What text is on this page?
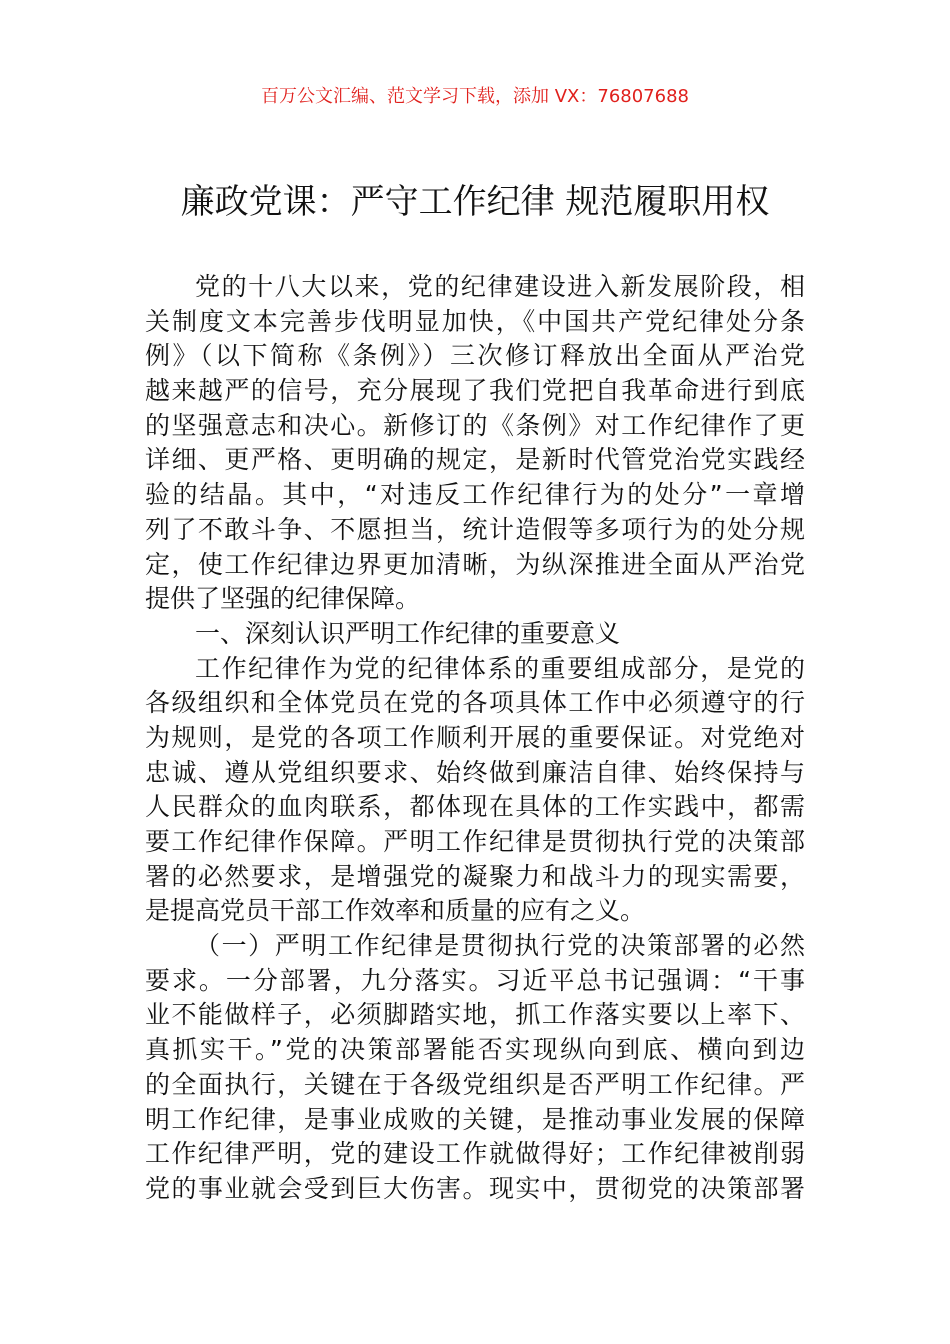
百万公文汇编、范文学习下载，添加 VX：76807688
廉政党课：严守工作纪律 规范履职用权
党的十八大以来，党的纪律建设进入新发展阶段，相
关制度文本完善步伐明显加快，《中国共产党纪律处分条
例》（以下简称《条例》）三次修订释放出全面从严治党
越来越严的信号，充分展现了我们党把自我革命进行到底
的坚强意志和决心。新修订的《条例》对工作纪律作了更
详细、更严格、更明确的规定，是新时代管党治党实践经
验的结晶。其中，“对违反工作纪律行为的处分”一章增
列了不敢斗争、不愿担当，统计造假等多项行为的处分规
定，使工作纪律边界更加清晰，为纵深推进全面从严治党
提供了坚强的纪律保障。
一、深刻认识严明工作纪律的重要意义
工作纪律作为党的纪律体系的重要组成部分，是党的
各级组织和全体党员在党的各项具体工作中必须遵守的行
为规则，是党的各项工作顺利开展的重要保证。对党绝对
忠诚、遵从党组织要求、始终做到廉洁自律、始终保持与
人民群众的血肉联系，都体现在具体的工作实践中，都需
要工作纪律作保障。严明工作纪律是贯彻执行党的决策部
署的必然要求，是增强党的凝聚力和战斗力的现实需要，
是提高党员干部工作效率和质量的应有之义。
（一）严明工作纪律是贯彻执行党的决策部署的必然
要求。一分部署，九分落实。习近平总书记强调：“干事
业不能做样子，必须脚踏实地，抓工作落实要以上率下、
真抓实干。”党的决策部署能否实现纵向到底、横向到边
的全面执行，关键在于各级党组织是否严明工作纪律。严
明工作纪律，是事业成败的关键，是推动事业发展的保障
工作纪律严明，党的建设工作就做得好；工作纪律被削弱
党的事业就会受到巨大伤害。现实中，贯彻党的决策部署
